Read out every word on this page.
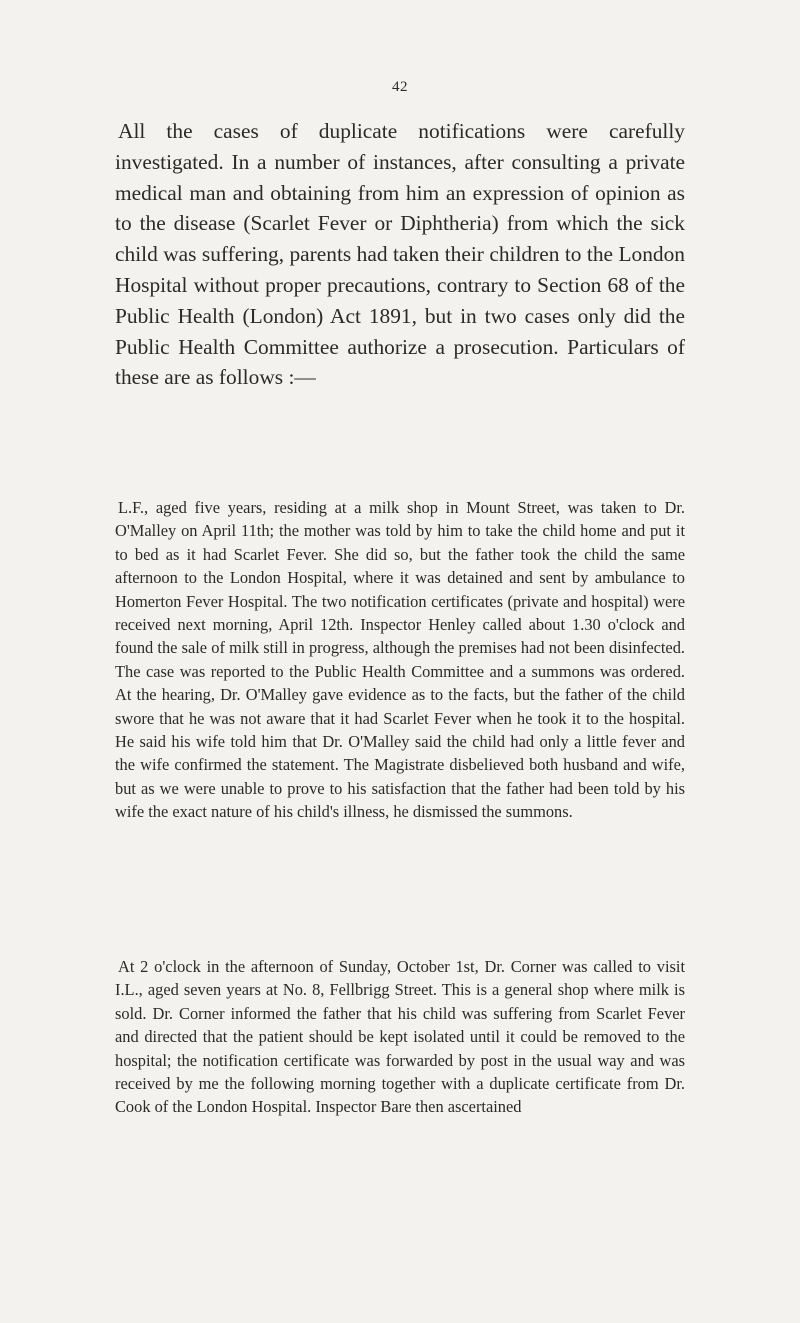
42

All the cases of duplicate notifications were carefully investigated. In a number of instances, after consulting a private medical man and obtaining from him an expression of opinion as to the disease (Scarlet Fever or Diphtheria) from which the sick child was suffering, parents had taken their children to the London Hospital without proper precautions, contrary to Section 68 of the Public Health (London) Act 1891, but in two cases only did the Public Health Committee authorize a prosecution. Particulars of these are as follows :—

L.F., aged five years, residing at a milk shop in Mount Street, was taken to Dr. O'Malley on April 11th; the mother was told by him to take the child home and put it to bed as it had Scarlet Fever. She did so, but the father took the child the same afternoon to the London Hospital, where it was detained and sent by ambulance to Homerton Fever Hospital. The two notification certificates (private and hospital) were received next morning, April 12th. Inspector Henley called about 1.30 o'clock and found the sale of milk still in progress, although the premises had not been disinfected. The case was reported to the Public Health Committee and a summons was ordered. At the hearing, Dr. O'Malley gave evidence as to the facts, but the father of the child swore that he was not aware that it had Scarlet Fever when he took it to the hospital. He said his wife told him that Dr. O'Malley said the child had only a little fever and the wife confirmed the statement. The Magistrate disbelieved both husband and wife, but as we were unable to prove to his satisfaction that the father had been told by his wife the exact nature of his child's illness, he dismissed the summons.

At 2 o'clock in the afternoon of Sunday, October 1st, Dr. Corner was called to visit I.L., aged seven years at No. 8, Fellbrigg Street. This is a general shop where milk is sold. Dr. Corner informed the father that his child was suffering from Scarlet Fever and directed that the patient should be kept isolated until it could be removed to the hospital; the notification certificate was forwarded by post in the usual way and was received by me the following morning together with a duplicate certificate from Dr. Cook of the London Hospital. Inspector Bare then ascertained
